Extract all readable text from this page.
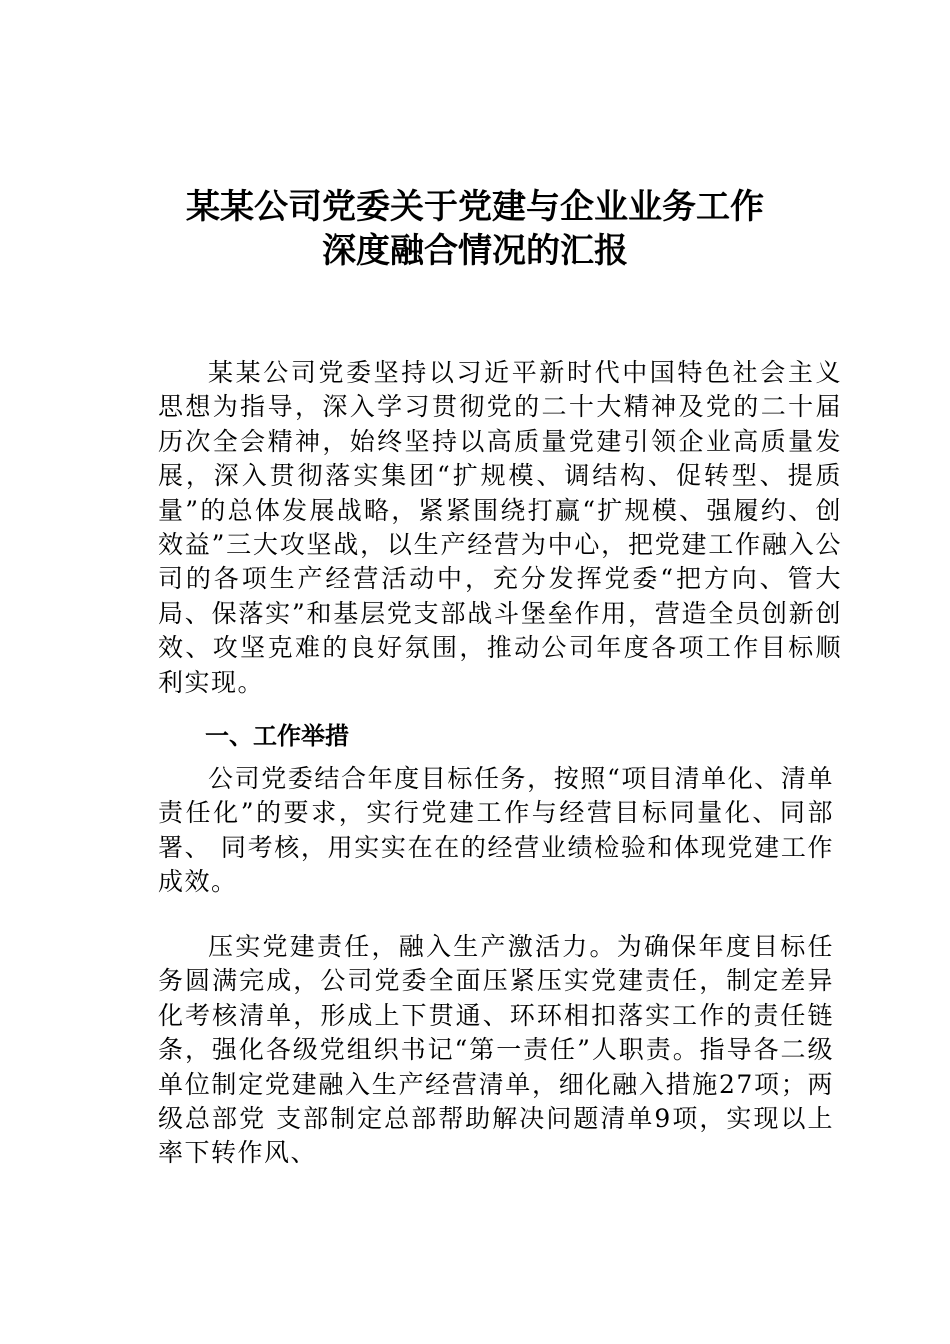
某某公司党委关于党建与企业业务工作
深度融合情况的汇报

某某公司党委坚持以习近平新时代中国特色社会主义思想为指导，深入学习贯彻党的二十大精神及党的二十届历次全会精神，始终坚持以高质量党建引领企业高质量发展，深入贯彻落实集团“扩规模、调结构、促转型、提质量”的总体发展战略，紧紧围绕打赢“扩规模、强履约、创效益”三大攻坚战，以生产经营为中心，把党建工作融入公司的各项生产经营活动中，充分发挥党委“把方向、管大局、保落实”和基层党支部战斗堡垒作用，营造全员创新创效、攻坚克难的良好氛围，推动公司年度各项工作目标顺利实现。

一、工作举措

公司党委结合年度目标任务，按照“项目清单化、清单责任化”的要求，实行党建工作与经营目标同量化、同部署、 同考核，用实实在在的经营业绩检验和体现党建工作成效。

压实党建责任，融入生产激活力。为确保年度目标任务圆满完成，公司党委全面压紧压实党建责任，制定差异化考核清单，形成上下贯通、环环相扣落实工作的责任链条，强化各级党组织书记“第一责任”人职责。指导各二级单位制定党建融入生产经营清单，细化融入措施27项；两级总部党 支部制定总部帮助解决问题清单9项，实现以上率下转作风、
